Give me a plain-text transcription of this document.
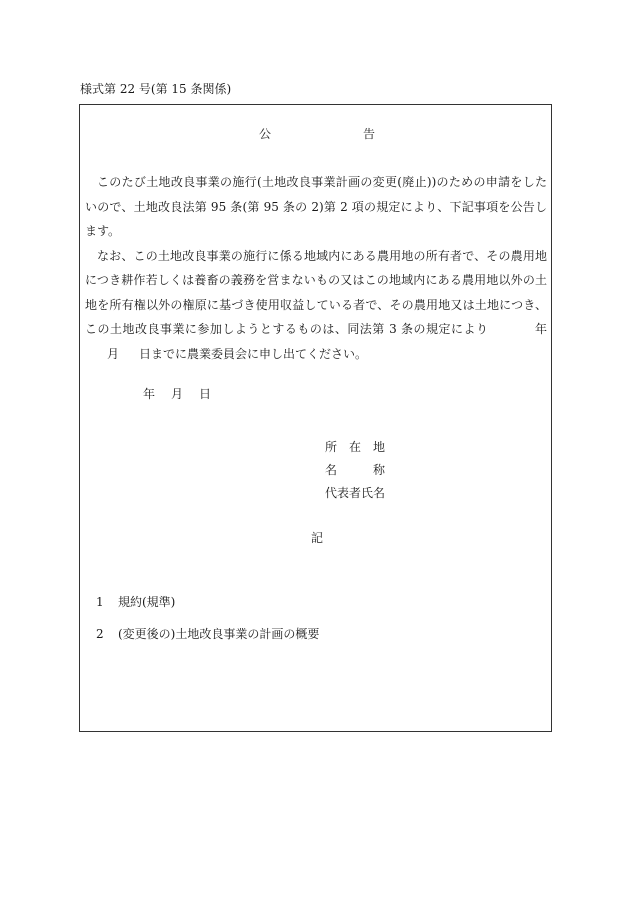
様式第 22 号(第 15 条関係)
公	告

このたび土地改良事業の施行(土地改良事業計画の変更(廃止))のための申請をしたいので、土地改良法第 95 条(第 95 条の 2)第 2 項の規定により、下記事項を公告します。

なお、この土地改良事業の施行に係る地域内にある農用地の所有者で、その農用地につき耕作若しくは養畜の義務を営まないもの又はこの地域内にある農用地以外の土地を所有権以外の権原に基づき使用収益している者で、その農用地又は土地につき、この土地改良事業に参加しようとするものは、同法第 3 条の規定により	年月 日までに農業委員会に申し出てください。

年 月 日
所　在　地
名　　　称
代表者氏名
記
1 規約(規準)
2 (変更後の)土地改良事業の計画の概要
